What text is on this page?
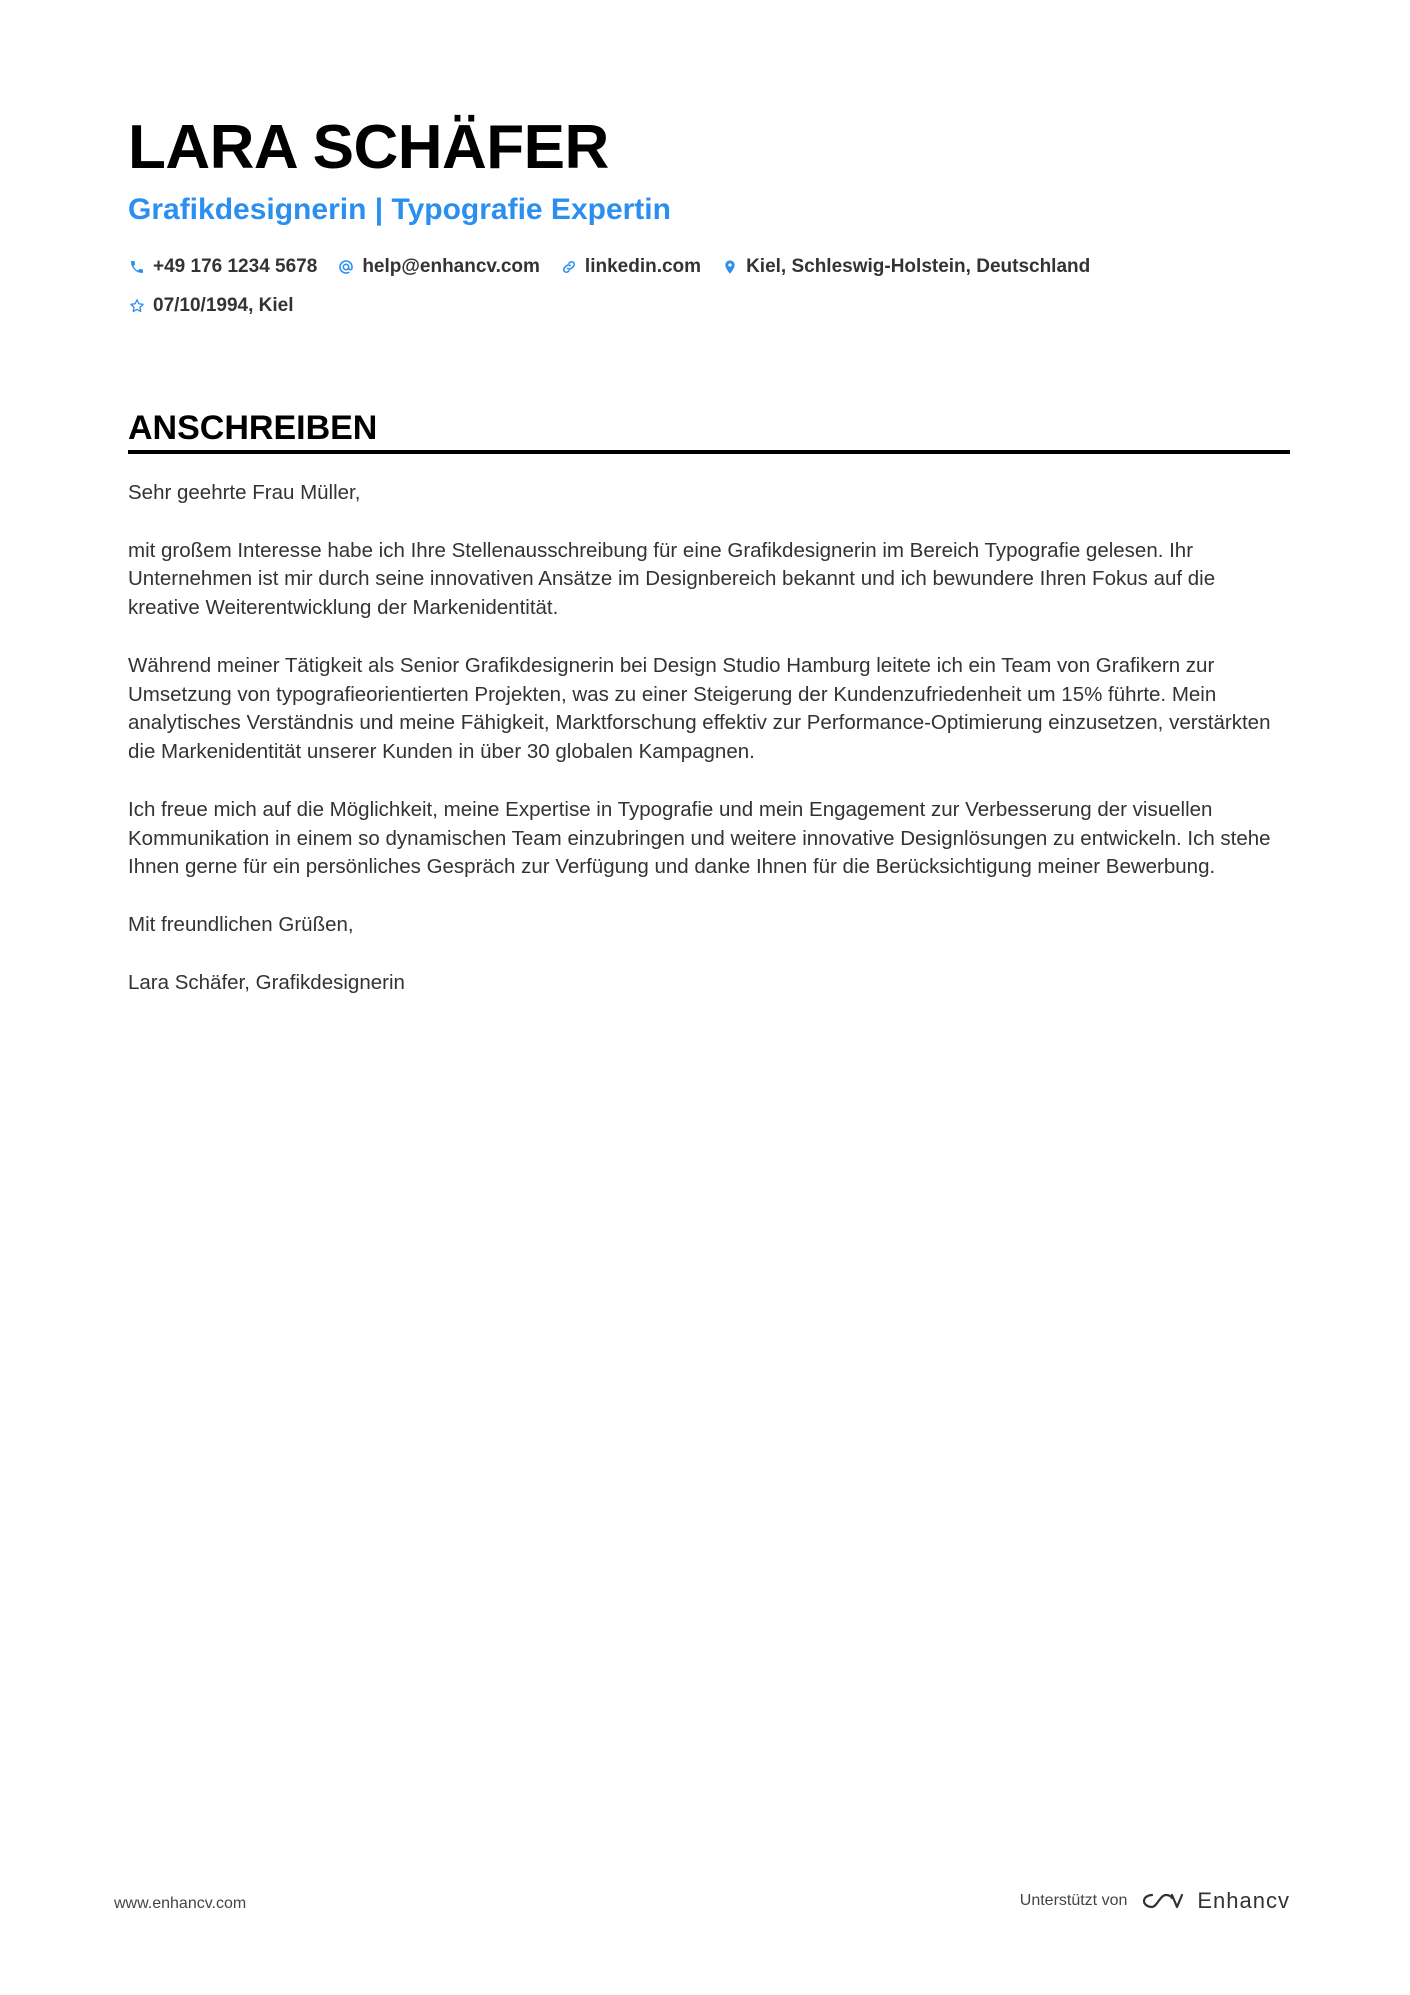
LARA SCHÄFER
Grafikdesignerin | Typografie Expertin
+49 176 1234 5678 help@enhancv.com linkedin.com Kiel, Schleswig-Holstein, Deutschland
07/10/1994, Kiel
ANSCHREIBEN

Sehr geehrte Frau Müller,

mit großem Interesse habe ich Ihre Stellenausschreibung für eine Grafikdesignerin im Bereich Typografie gelesen. Ihr Unternehmen ist mir durch seine innovativen Ansätze im Designbereich bekannt und ich bewundere Ihren Fokus auf die kreative Weiterentwicklung der Markenidentität.

Während meiner Tätigkeit als Senior Grafikdesignerin bei Design Studio Hamburg leitete ich ein Team von Grafikern zur Umsetzung von typografieorientierten Projekten, was zu einer Steigerung der Kundenzufriedenheit um 15% führte. Mein analytisches Verständnis und meine Fähigkeit, Marktforschung effektiv zur Performance-Optimierung einzusetzen, verstärkten die Markenidentität unserer Kunden in über 30 globalen Kampagnen.

Ich freue mich auf die Möglichkeit, meine Expertise in Typografie und mein Engagement zur Verbesserung der visuellen Kommunikation in einem so dynamischen Team einzubringen und weitere innovative Designlösungen zu entwickeln. Ich stehe Ihnen gerne für ein persönliches Gespräch zur Verfügung und danke Ihnen für die Berücksichtigung meiner Bewerbung.

Mit freundlichen Grüßen,

Lara Schäfer, Grafikdesignerin

www.enhancv.com	Unterstützt von	Enhancv
